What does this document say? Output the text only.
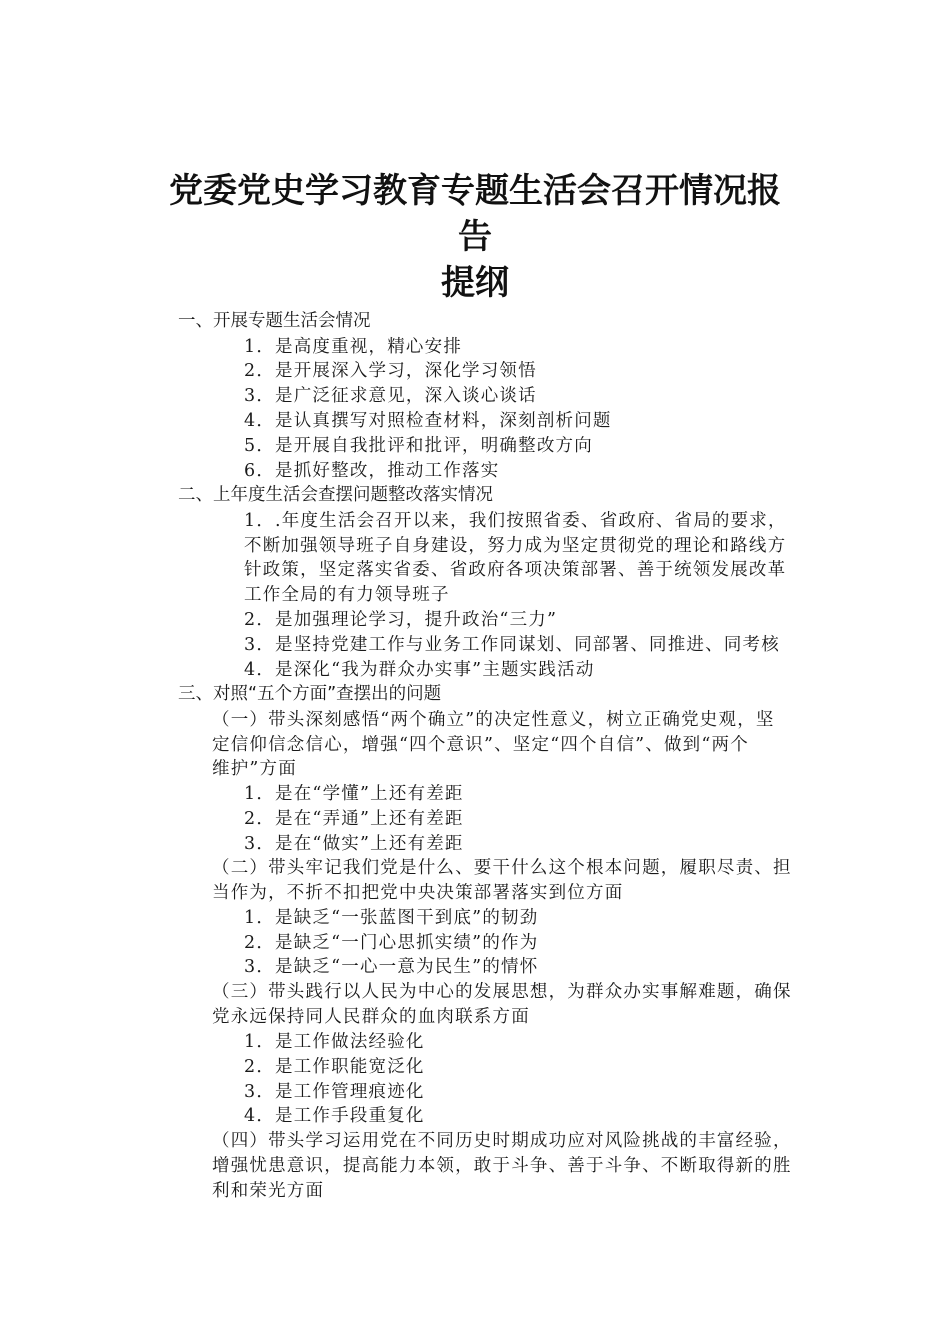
党委党史学习教育专题生活会召开情况报
告
提纲
一、开展专题生活会情况
1．是高度重视，精心安排
2．是开展深入学习，深化学习领悟
3．是广泛征求意见，深入谈心谈话
4．是认真撰写对照检查材料，深刻剖析问题
5．是开展自我批评和批评，明确整改方向
6．是抓好整改，推动工作落实
二、上年度生活会查摆问题整改落实情况
1．.年度生活会召开以来，我们按照省委、省政府、省局的要求，
不断加强领导班子自身建设，努力成为坚定贯彻党的理论和路线方
针政策，坚定落实省委、省政府各项决策部署、善于统领发展改革
工作全局的有力领导班子
2．是加强理论学习，提升政治“三力”
3．是坚持党建工作与业务工作同谋划、同部署、同推进、同考核
4．是深化“我为群众办实事”主题实践活动
三、对照“五个方面”查摆出的问题
（一）带头深刻感悟“两个确立”的决定性意义，树立正确党史观，坚
定信仰信念信心，增强“四个意识”、坚定“四个自信”、做到“两个
维护”方面
1．是在“学懂”上还有差距
2．是在“弄通”上还有差距
3．是在“做实”上还有差距
（二）带头牢记我们党是什么、要干什么这个根本问题，履职尽责、担
当作为，不折不扣把党中央决策部署落实到位方面
1．是缺乏“一张蓝图干到底”的韧劲
2．是缺乏“一门心思抓实绩”的作为
3．是缺乏“一心一意为民生”的情怀
（三）带头践行以人民为中心的发展思想，为群众办实事解难题，确保
党永远保持同人民群众的血肉联系方面
1．是工作做法经验化
2．是工作职能宽泛化
3．是工作管理痕迹化
4．是工作手段重复化
（四）带头学习运用党在不同历史时期成功应对风险挑战的丰富经验，
增强忧患意识，提高能力本领，敢于斗争、善于斗争、不断取得新的胜
利和荣光方面
